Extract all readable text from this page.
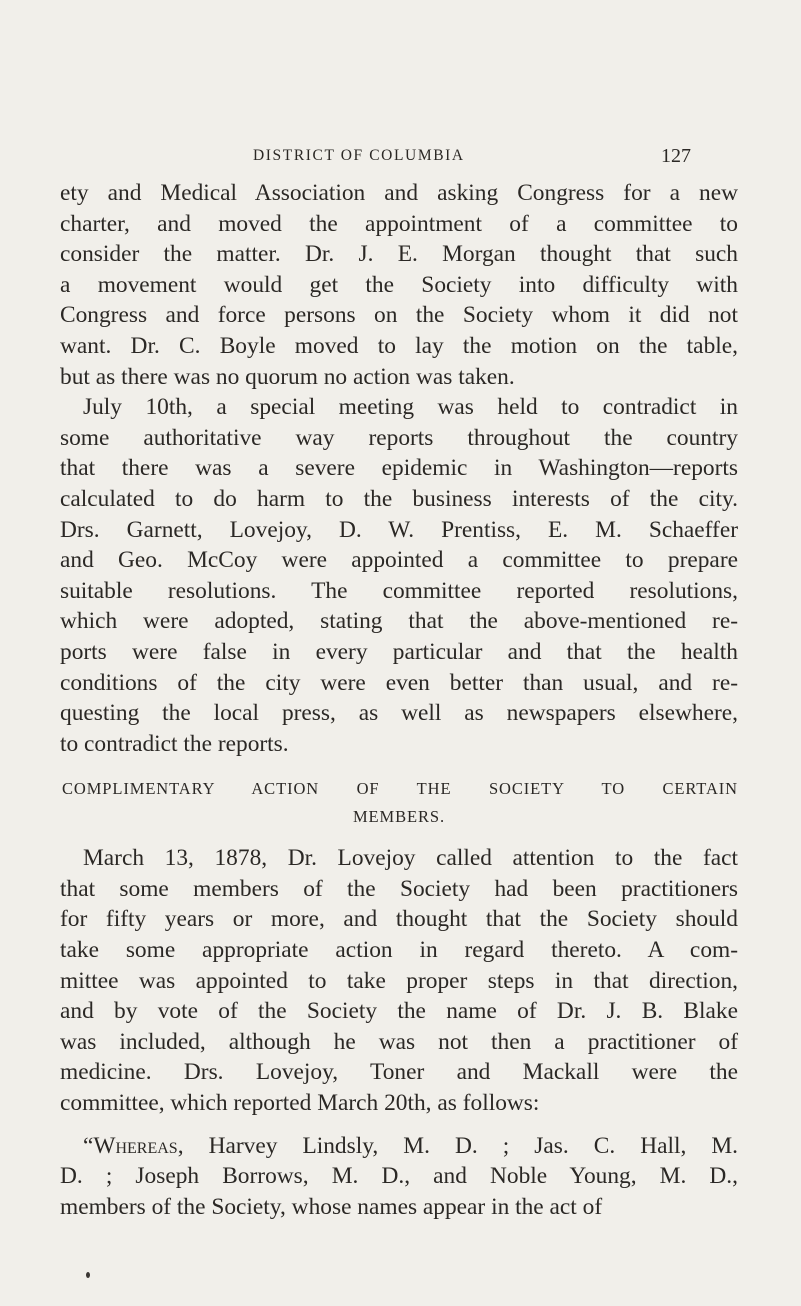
DISTRICT OF COLUMBIA	127
ety and Medical Association and asking Congress for a new
charter, and moved the appointment of a committee to
consider the matter. Dr. J. E. Morgan thought that such
a movement would get the Society into difficulty with
Congress and force persons on the Society whom it did not
want. Dr. C. Boyle moved to lay the motion on the table,
but as there was no quorum no action was taken.
July 10th, a special meeting was held to contradict in
some authoritative way reports throughout the country
that there was a severe epidemic in Washington—reports
calculated to do harm to the business interests of the city.
Drs. Garnett, Lovejoy, D. W. Prentiss, E. M. Schaeffer
and Geo. McCoy were appointed a committee to prepare
suitable resolutions. The committee reported resolutions,
which were adopted, stating that the above-mentioned re-
ports were false in every particular and that the health
conditions of the city were even better than usual, and re-
questing the local press, as well as newspapers elsewhere,
to contradict the reports.
COMPLIMENTARY ACTION OF THE SOCIETY TO CERTAIN
MEMBERS.
March 13, 1878, Dr. Lovejoy called attention to the fact
that some members of the Society had been practitioners
for fifty years or more, and thought that the Society should
take some appropriate action in regard thereto. A com-
mittee was appointed to take proper steps in that direction,
and by vote of the Society the name of Dr. J. B. Blake
was included, although he was not then a practitioner of
medicine. Drs. Lovejoy, Toner and Mackall were the
committee, which reported March 20th, as follows:
“Whereas, Harvey Lindsly, M. D. ; Jas. C. Hall, M.
D. ; Joseph Borrows, M. D., and Noble Young, M. D.,
members of the Society, whose names appear in the act of
